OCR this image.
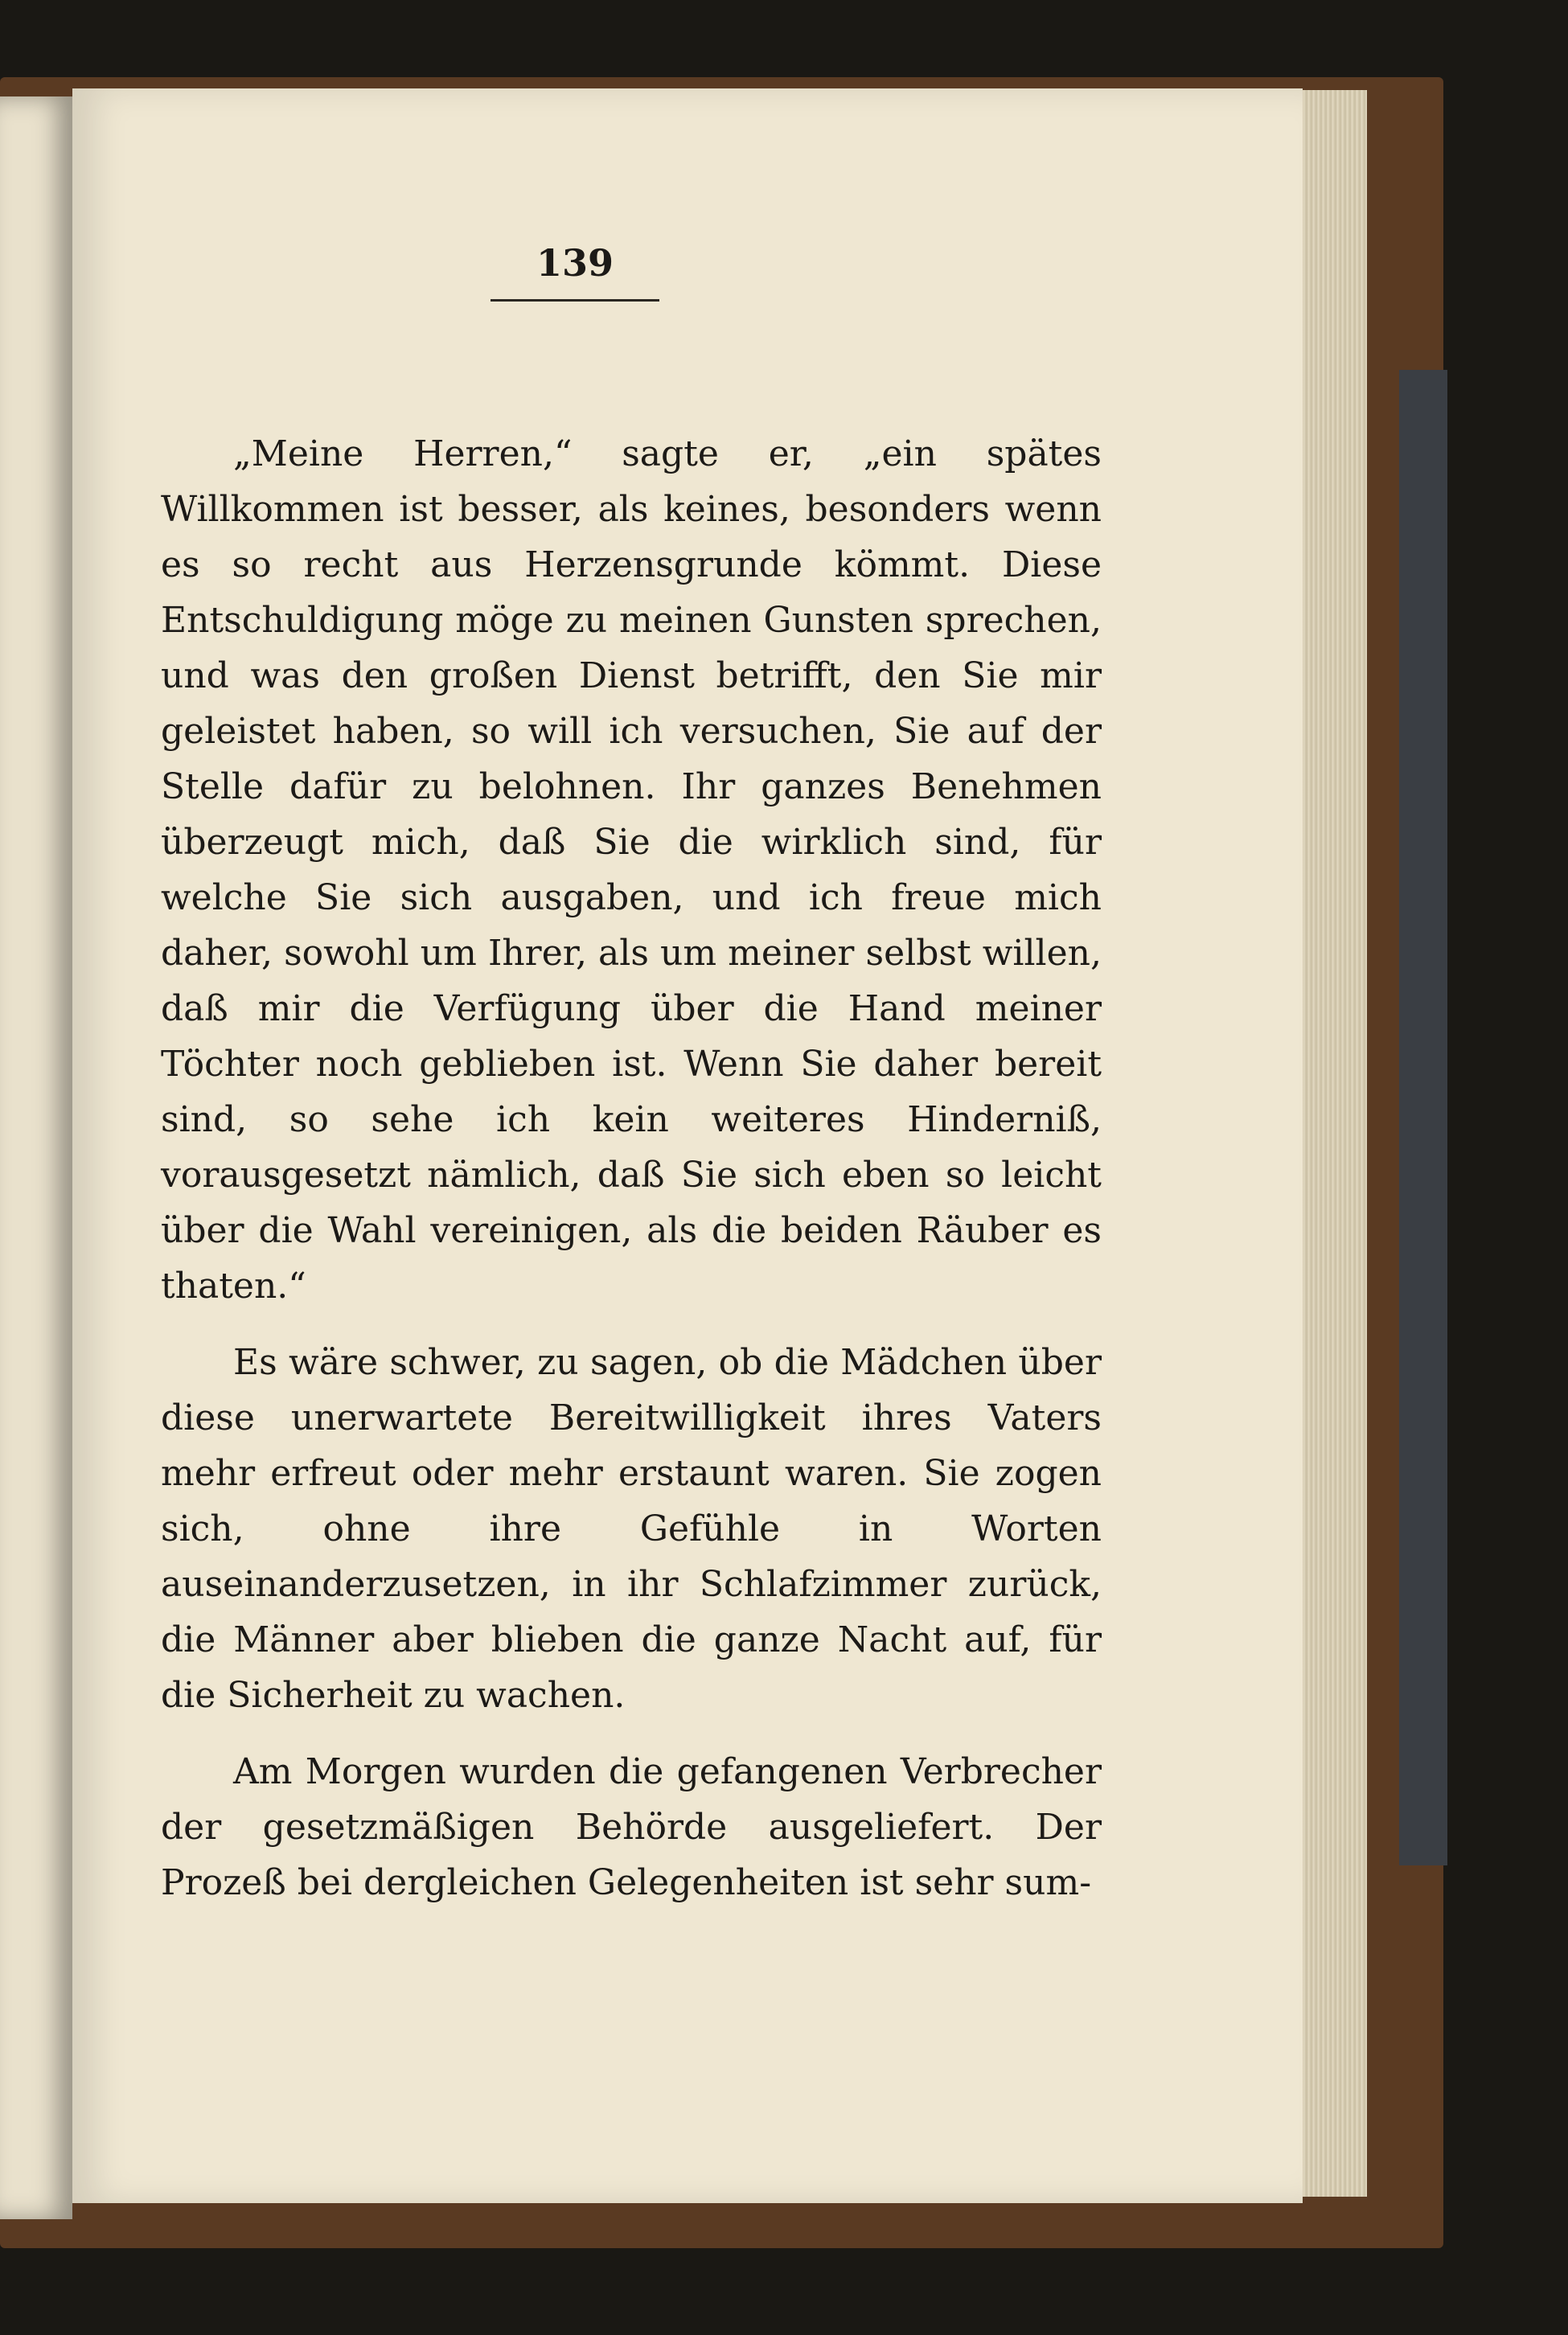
139

„Meine Herren,“ sagte er, „ein spätes Willkommen ist besser, als keines, besonders wenn es so recht aus Herzensgrunde kömmt. Diese Entschuldigung möge zu meinen Gunsten sprechen, und was den großen Dienst betrifft, den Sie mir geleistet haben, so will ich versuchen, Sie auf der Stelle dafür zu belohnen. Ihr ganzes Benehmen überzeugt mich, daß Sie die wirklich sind, für welche Sie sich ausgaben, und ich freue mich daher, sowohl um Ihrer, als um meiner selbst willen, daß mir die Verfügung über die Hand meiner Töchter noch geblieben ist. Wenn Sie daher bereit sind, so sehe ich kein weiteres Hinderniß, vorausgesetzt nämlich, daß Sie sich eben so leicht über die Wahl vereinigen, als die beiden Räuber es thaten.“

Es wäre schwer, zu sagen, ob die Mädchen über diese unerwartete Bereitwilligkeit ihres Vaters mehr erfreut oder mehr erstaunt waren. Sie zogen sich, ohne ihre Gefühle in Worten auseinanderzusetzen, in ihr Schlafzimmer zurück, die Männer aber blieben die ganze Nacht auf, für die Sicherheit zu wachen.

Am Morgen wurden die gefangenen Verbrecher der gesetzmäßigen Behörde ausgeliefert. Der Prozeß bei dergleichen Gelegenheiten ist sehr sum-
